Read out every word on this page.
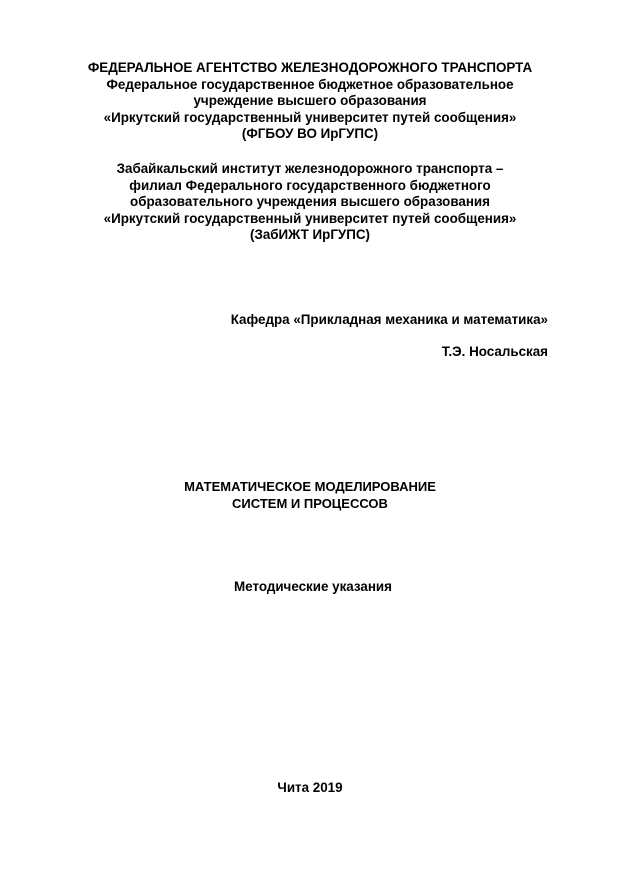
ФЕДЕРАЛЬНОЕ АГЕНТСТВО ЖЕЛЕЗНОДОРОЖНОГО ТРАНСПОРТА
Федеральное государственное бюджетное образовательное
учреждение высшего образования
«Иркутский государственный университет путей сообщения»
(ФГБОУ ВО ИрГУПС)
Забайкальский институт железнодорожного транспорта –
филиал Федерального государственного бюджетного
образовательного учреждения высшего образования
«Иркутский государственный университет путей сообщения»
(ЗабИЖТ ИрГУПС)
Кафедра «Прикладная механика и математика»
Т.Э. Носальская
МАТЕМАТИЧЕСКОЕ МОДЕЛИРОВАНИЕ
СИСТЕМ И ПРОЦЕССОВ
Методические указания
Чита 2019
